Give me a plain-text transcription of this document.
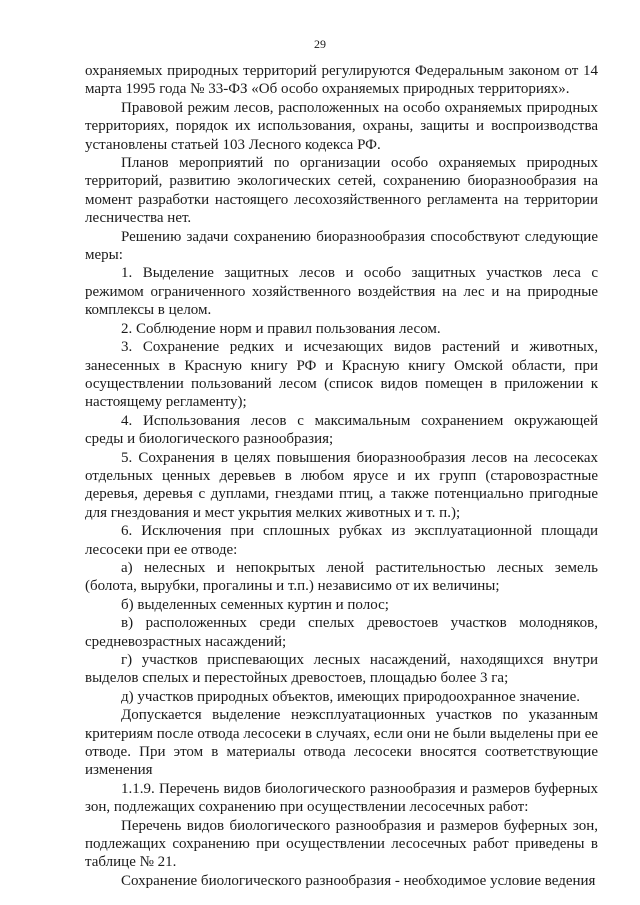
29

охраняемых природных территорий регулируются Федеральным законом от 14 марта 1995 года № 33-ФЗ «Об особо охраняемых природных территориях».

Правовой режим лесов, расположенных на особо охраняемых природных территориях, порядок их использования, охраны, защиты и воспроизводства установлены статьей 103 Лесного кодекса РФ.

Планов мероприятий по организации особо охраняемых природных территорий, развитию экологических сетей, сохранению биоразнообразия на момент разработки настоящего лесохозяйственного регламента на территории лесничества нет.

Решению задачи сохранению биоразнообразия способствуют следующие меры:

1. Выделение защитных лесов и особо защитных участков леса с режимом ограниченного хозяйственного воздействия на лес и на природные комплексы в целом.

2. Соблюдение норм и правил пользования лесом.

3. Сохранение редких и исчезающих видов растений и животных, занесенных в Красную книгу РФ и Красную книгу Омской области, при осуществлении пользований лесом (список видов помещен в приложении к настоящему регламенту);

4. Использования лесов с максимальным сохранением окружающей среды и биологического разнообразия;

5. Сохранения в целях повышения биоразнообразия лесов на лесосеках отдельных ценных деревьев в любом ярусе и их групп (старовозрастные деревья, деревья с дуплами, гнездами птиц, а также потенциально пригодные для гнездования и мест укрытия мелких животных и т. п.);

6. Исключения при сплошных рубках из эксплуатационной площади лесосеки при ее отводе:

а) нелесных и непокрытых леной растительностью лесных земель (болота, вырубки, прогалины и т.п.) независимо от их величины;

б) выделенных семенных куртин и полос;

в) расположенных среди спелых древостоев участков молодняков, средневозрастных насаждений;

г) участков приспевающих лесных насаждений, находящихся внутри выделов спелых и перестойных древостоев, площадью более 3 га;

д) участков природных объектов, имеющих природоохранное значение.

Допускается выделение неэксплуатационных участков по указанным критериям после отвода лесосеки в случаях, если они не были выделены при ее отводе. При этом в материалы отвода лесосеки вносятся соответствующие изменения

1.1.9. Перечень видов биологического разнообразия и размеров буферных зон, подлежащих сохранению при осуществлении лесосечных работ:

Перечень видов биологического разнообразия и размеров буферных зон, подлежащих сохранению при осуществлении лесосечных работ приведены в таблице № 21.

Сохранение биологического разнообразия - необходимое условие ведения
